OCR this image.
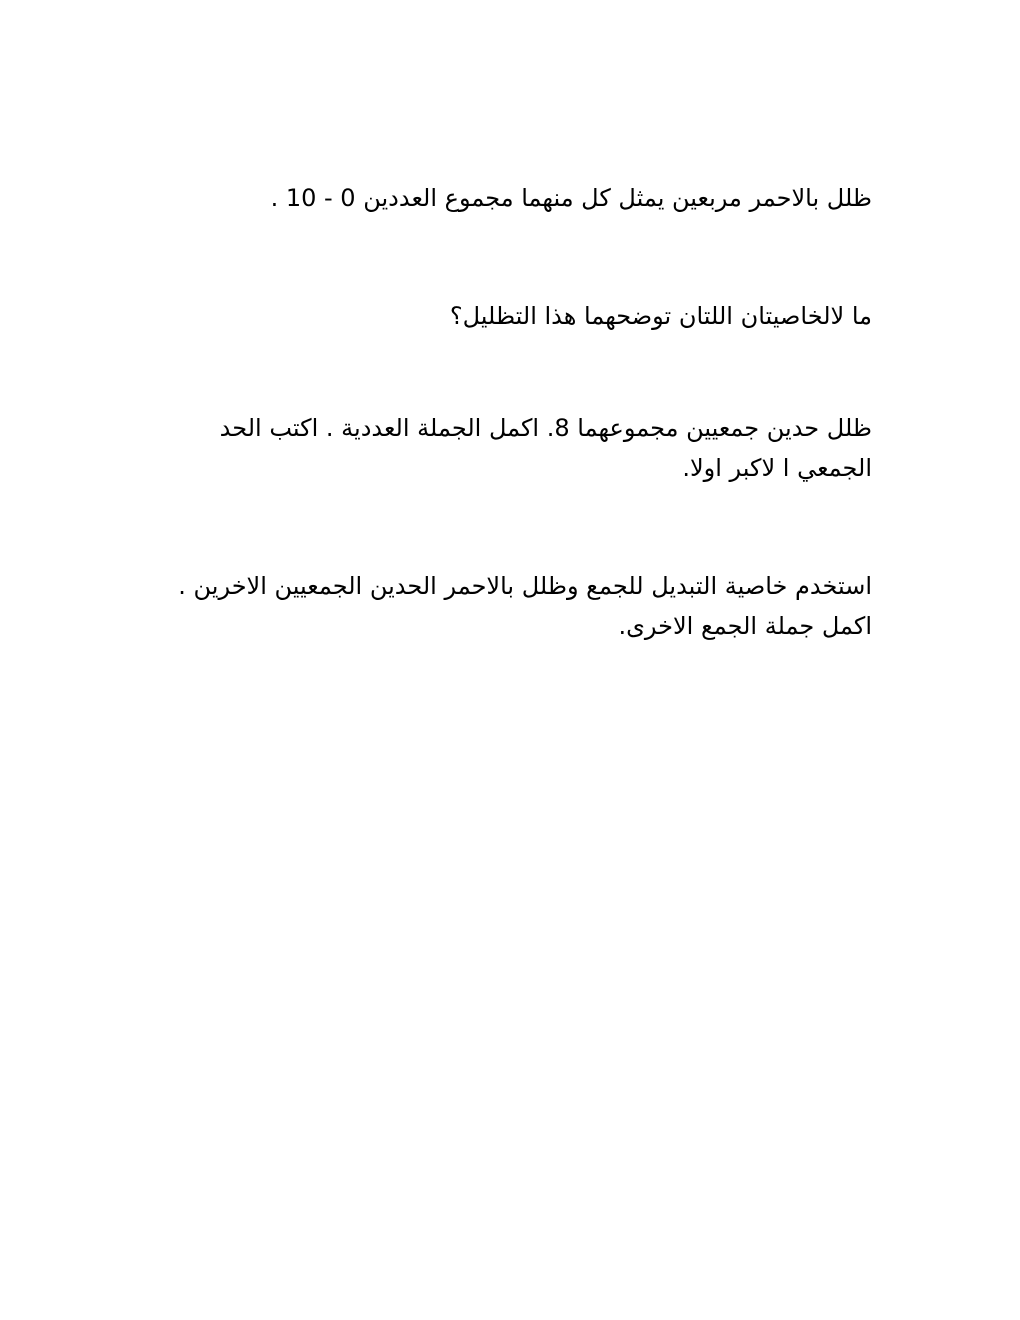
ظلل بالاحمر مربعين يمثل كل منهما مجموع العددين 0 - 10 .

ما لالخاصيتان اللتان توضحهما هذا التظليل؟

ظلل حدين جمعيين مجموعهما 8. اكمل الجملة العددية . اكتب الحد الجمعي ا لاكبر اولا.

استخدم خاصية التبديل للجمع وظلل بالاحمر الحدين الجمعيين الاخرين . اكمل جملة الجمع الاخرى.
